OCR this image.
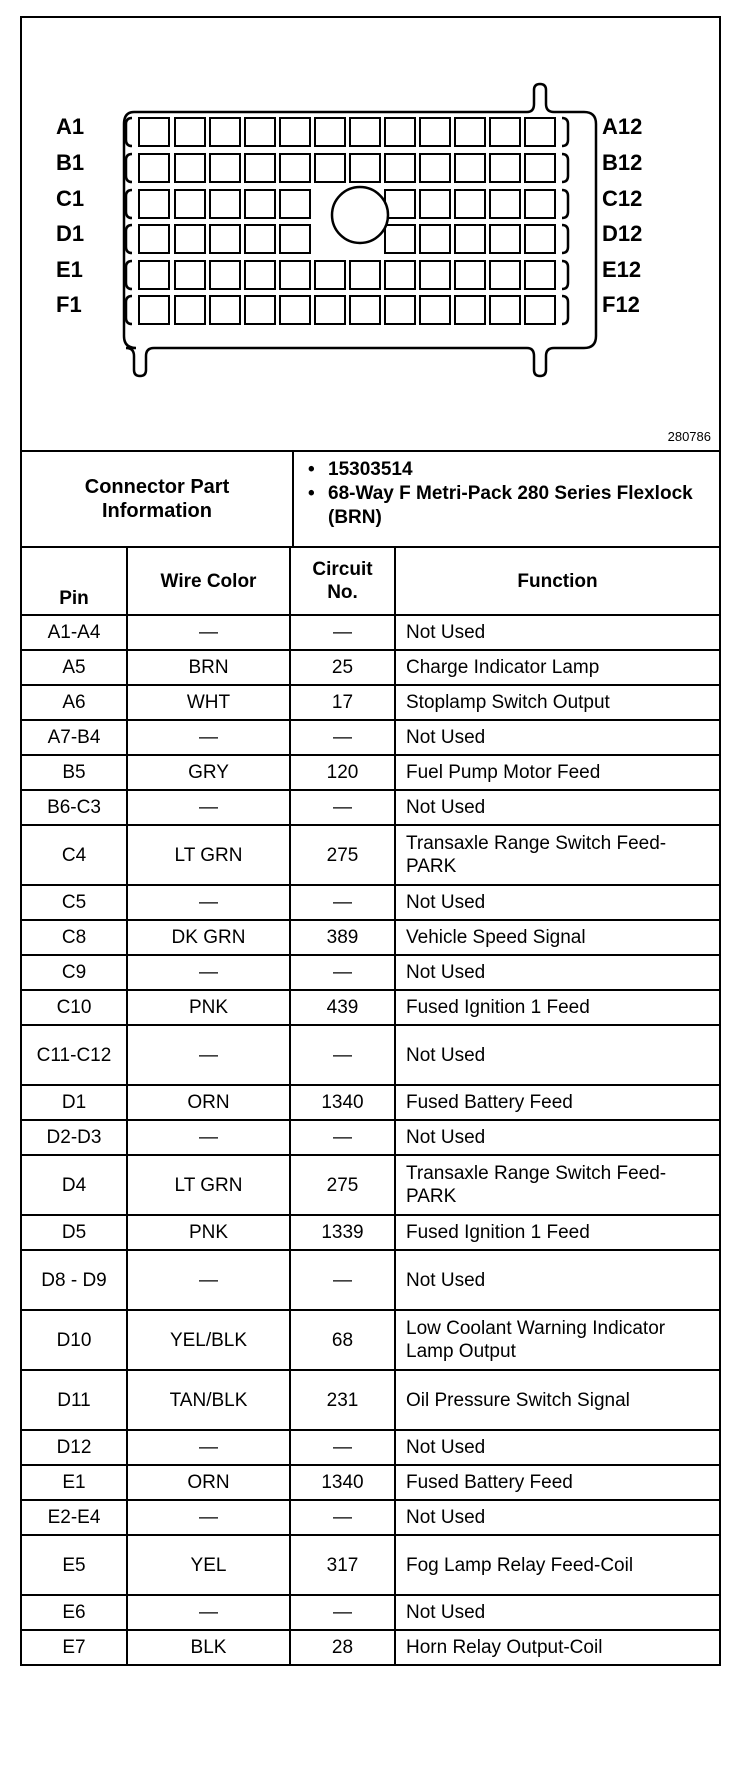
A1
B1
C1
D1
E1
F1
A12
B12
C12
D12
E12
F12
280786
Connector Part Information
• 15303514
• 68-Way F Metri-Pack 280 Series Flexlock (BRN)
Pin	Wire Color	Circuit No.	Function
A1-A4	—	—	Not Used
A5	BRN	25	Charge Indicator Lamp
A6	WHT	17	Stoplamp Switch Output
A7-B4	—	—	Not Used
B5	GRY	120	Fuel Pump Motor Feed
B6-C3	—	—	Not Used
C4	LT GRN	275	Transaxle Range Switch Feed-PARK
C5	—	—	Not Used
C8	DK GRN	389	Vehicle Speed Signal
C9	—	—	Not Used
C10	PNK	439	Fused Ignition 1 Feed
C11-C12	—	—	Not Used
D1	ORN	1340	Fused Battery Feed
D2-D3	—	—	Not Used
D4	LT GRN	275	Transaxle Range Switch Feed-PARK
D5	PNK	1339	Fused Ignition 1 Feed
D8 - D9	—	—	Not Used
D10	YEL/BLK	68	Low Coolant Warning Indicator Lamp Output
D11	TAN/BLK	231	Oil Pressure Switch Signal
D12	—	—	Not Used
E1	ORN	1340	Fused Battery Feed
E2-E4	—	—	Not Used
E5	YEL	317	Fog Lamp Relay Feed-Coil
E6	—	—	Not Used
E7	BLK	28	Horn Relay Output-Coil
